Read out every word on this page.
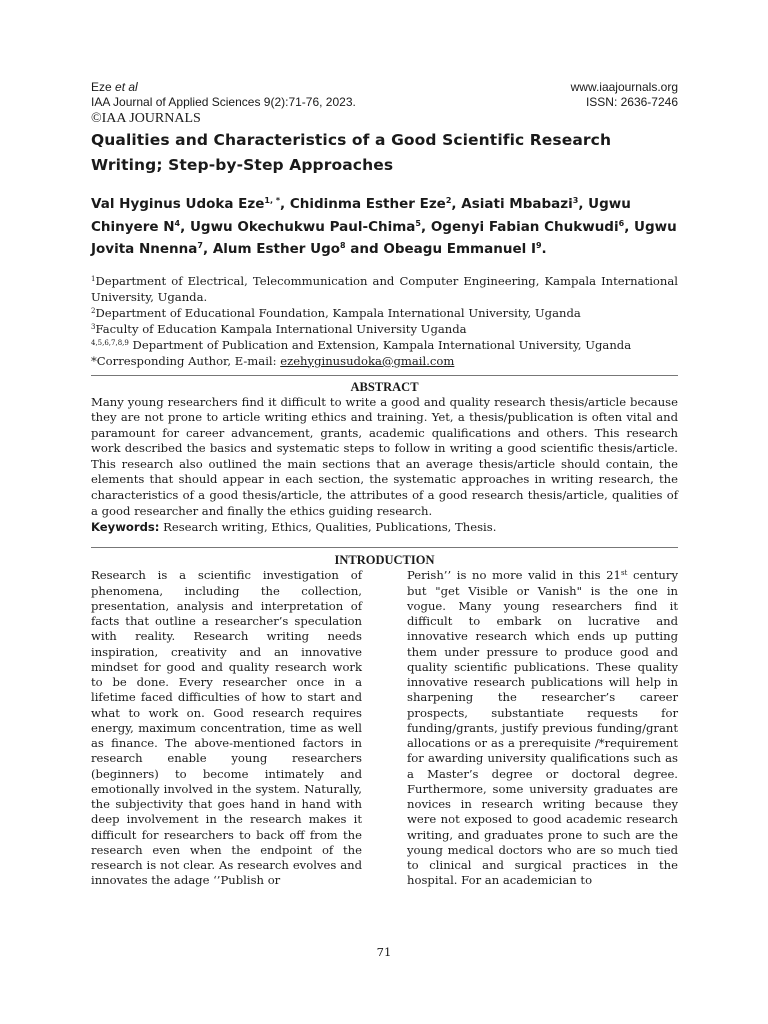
Eze et al	www.iaajournals.org
IAA Journal of Applied Sciences 9(2):71-76, 2023.	ISSN: 2636-7246
©IAA JOURNALS
Qualities and Characteristics of a Good Scientific Research Writing; Step-by-Step Approaches
Val Hyginus Udoka Eze$^{1, *}$, Chidinma Esther Eze$^2$, Asiati Mbabazi$^3$, Ugwu Chinyere $N^4$, Ugwu Okechukwu Paul-Chima$^5$, Ogenyi Fabian Chukwudi$^6$, Ugwu Jovita Nnenna$^7$, Alum Esther Ugo$^8$ and Obeagu Emmanuel $I^9$.

$^1$Department of Electrical, Telecommunication and Computer Engineering, Kampala International University, Uganda.

$^2$Department of Educational Foundation, Kampala International University, Uganda

$^3$Faculty of Education Kampala International University Uganda

$^{4,5,6,7,8,9}$ Department of Publication and Extension, Kampala International University, Uganda

*Corresponding Author, E-mail: ezehyginusudoka@gmail.com

ABSTRACT

Many young researchers find it difficult to write a good and quality research thesis/article because they are not prone to article writing ethics and training. Yet, a thesis/publication is often vital and paramount for career advancement, grants, academic qualifications and others. This research work described the basics and systematic steps to follow in writing a good scientific thesis/article. This research also outlined the main sections that an average thesis/article should contain, the elements that should appear in each section, the systematic approaches in writing research, the characteristics of a good thesis/article, the attributes of a good research thesis/article, qualities of a good researcher and finally the ethics guiding research.

Keywords: Research writing, Ethics, Qualities, Publications, Thesis.
INTRODUCTION

Research is a scientific investigation of phenomena, including the collection, presentation, analysis and interpretation of facts that outline a researcher’s speculation with reality. Research writing needs inspiration, creativity and an innovative mindset for good and quality research work to be done. Every researcher once in a lifetime faced difficulties of how to start and what to work on. Good research requires energy, maximum concentration, time as well as finance. The above-mentioned factors in research enable young researchers (beginners) to become intimately and emotionally involved in the system. Naturally, the subjectivity that goes hand in hand with deep involvement in the research makes it difficult for researchers to back off from the research even when the endpoint of the research is not clear. As research evolves and innovates the adage ‘’Publish or

Perish’’ is no more valid in this 21st century but "get Visible or Vanish" is the one in vogue. Many young researchers find it difficult to embark on lucrative and innovative research which ends up putting them under pressure to produce good and quality scientific publications. These quality innovative research publications will help in sharpening the researcher’s career prospects, substantiate requests for funding/grants, justify previous funding/grant allocations or as a prerequisite /*requirement for awarding university qualifications such as a Master’s degree or doctoral degree. Furthermore, some university graduates are novices in research writing because they were not exposed to good academic research writing, and graduates prone to such are the young medical doctors who are so much tied to clinical and surgical practices in the hospital. For an academician to

71
